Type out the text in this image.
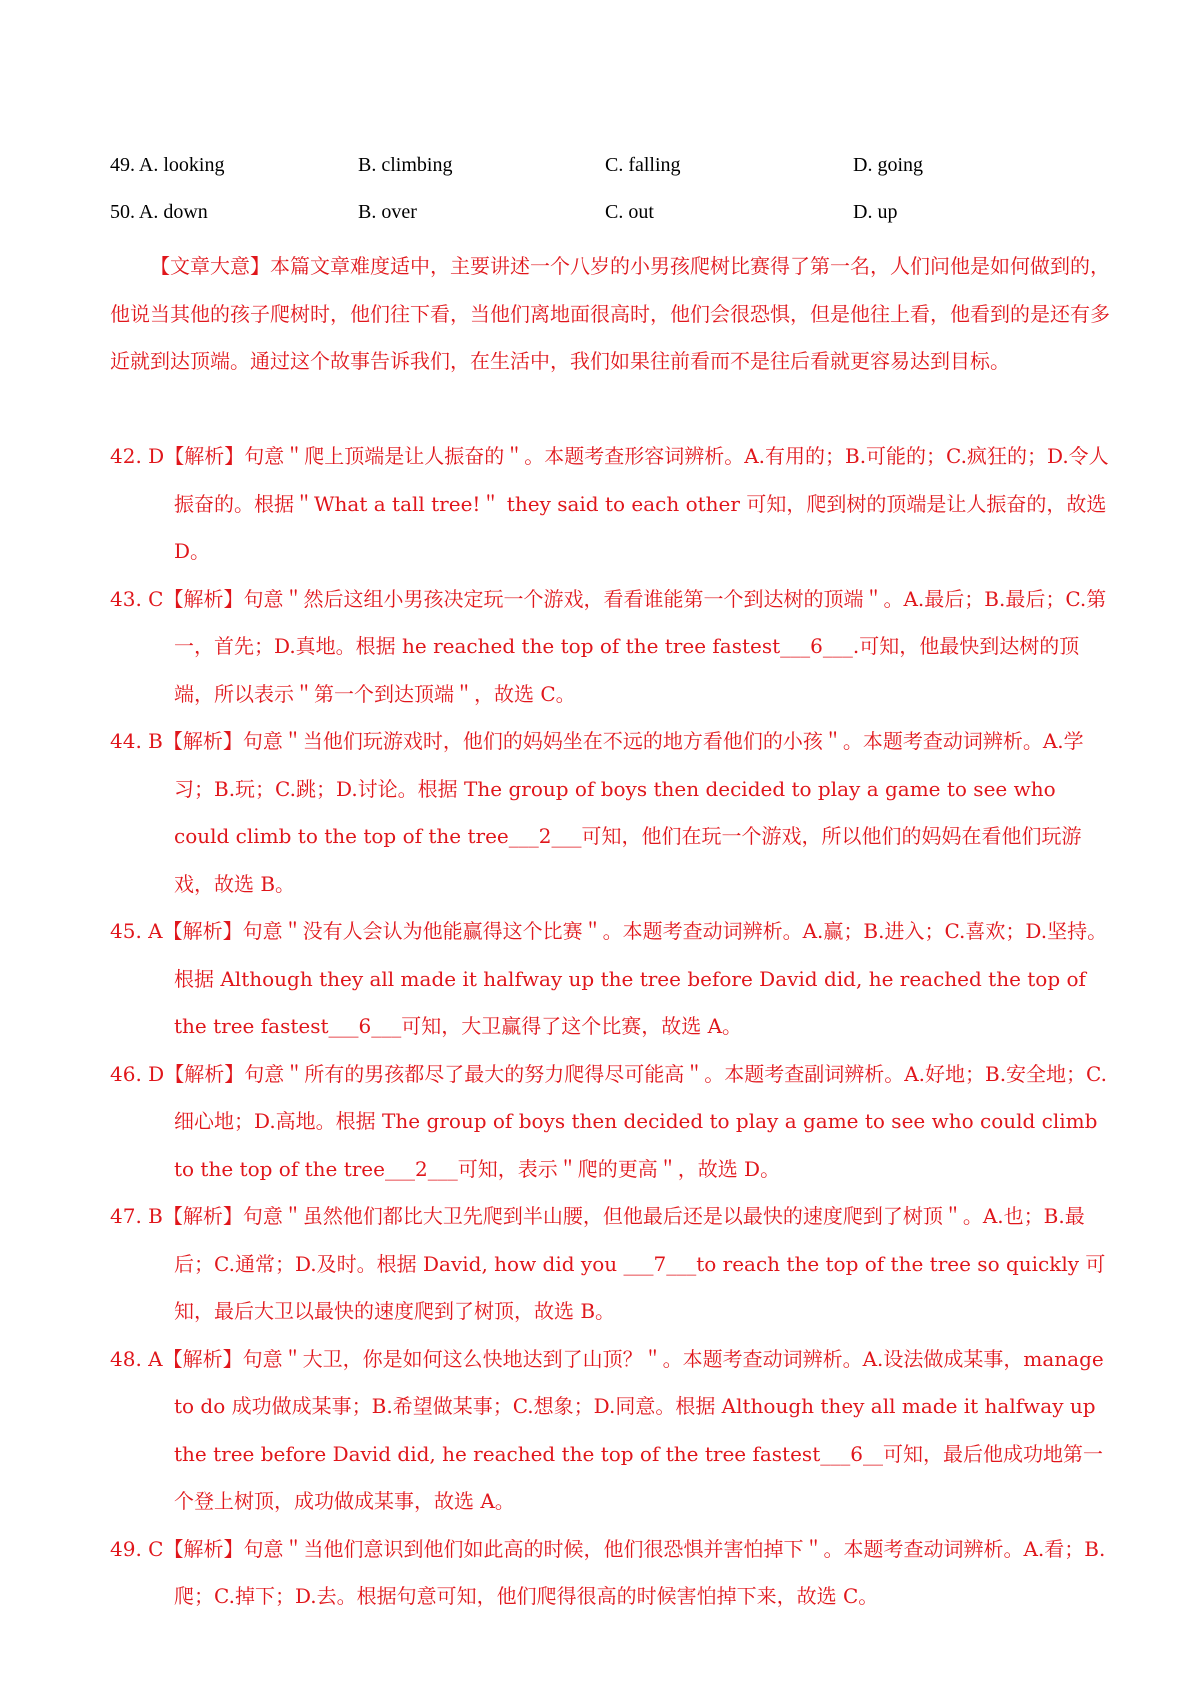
49. A. looking	B. climbing	C. falling	D. going
50. A. down	B. over	C. out	D. up
【文章大意】本篇文章难度适中，主要讲述一个八岁的小男孩爬树比赛得了第一名，人们问他是如何做到的，他说当其他的孩子爬树时，他们往下看，当他们离地面很高时，他们会很恐惧，但是他往上看，他看到的是还有多近就到达顶端。通过这个故事告诉我们，在生活中，我们如果往前看而不是往后看就更容易达到目标。
42. D【解析】句意＂爬上顶端是让人振奋的＂。本题考查形容词辨析。A.有用的；B.可能的；C.疯狂的；D.令人振奋的。根据＂What a tall tree!＂ they said to each other 可知，爬到树的顶端是让人振奋的，故选 D。
43. C【解析】句意＂然后这组小男孩决定玩一个游戏，看看谁能第一个到达树的顶端＂。A.最后；B.最后；C.第一，首先；D.真地。根据 he reached the top of the tree fastest___6___.可知，他最快到达树的顶端，所以表示＂第一个到达顶端＂，故选 C。
44. B【解析】句意＂当他们玩游戏时，他们的妈妈坐在不远的地方看他们的小孩＂。本题考查动词辨析。A.学习；B.玩；C.跳；D.讨论。根据 The group of boys then decided to play a game to see who could climb to the top of the tree___2___可知，他们在玩一个游戏，所以他们的妈妈在看他们玩游戏，故选 B。
45. A【解析】句意＂没有人会认为他能赢得这个比赛＂。本题考查动词辨析。A.赢；B.进入；C.喜欢；D.坚持。根据 Although they all made it halfway up the tree before David did, he reached the top of the tree fastest___6___可知，大卫赢得了这个比赛，故选 A。
46. D【解析】句意＂所有的男孩都尽了最大的努力爬得尽可能高＂。本题考查副词辨析。A.好地；B.安全地；C.细心地；D.高地。根据 The group of boys then decided to play a game to see who could climb to the top of the tree___2___可知，表示＂爬的更高＂，故选 D。
47. B【解析】句意＂虽然他们都比大卫先爬到半山腰，但他最后还是以最快的速度爬到了树顶＂。A.也；B.最后；C.通常；D.及时。根据 David, how did you ___7___to reach the top of the tree so quickly 可知，最后大卫以最快的速度爬到了树顶，故选 B。
48. A【解析】句意＂大卫，你是如何这么快地达到了山顶？＂。本题考查动词辨析。A.设法做成某事，manage to do 成功做成某事；B.希望做某事；C.想象；D.同意。根据 Although they all made it halfway up the tree before David did, he reached the top of the tree fastest___6__可知，最后他成功地第一个登上树顶，成功做成某事，故选 A。
49. C【解析】句意＂当他们意识到他们如此高的时候，他们很恐惧并害怕掉下＂。本题考查动词辨析。A.看；B.爬；C.掉下；D.去。根据句意可知，他们爬得很高的时候害怕掉下来，故选 C。
